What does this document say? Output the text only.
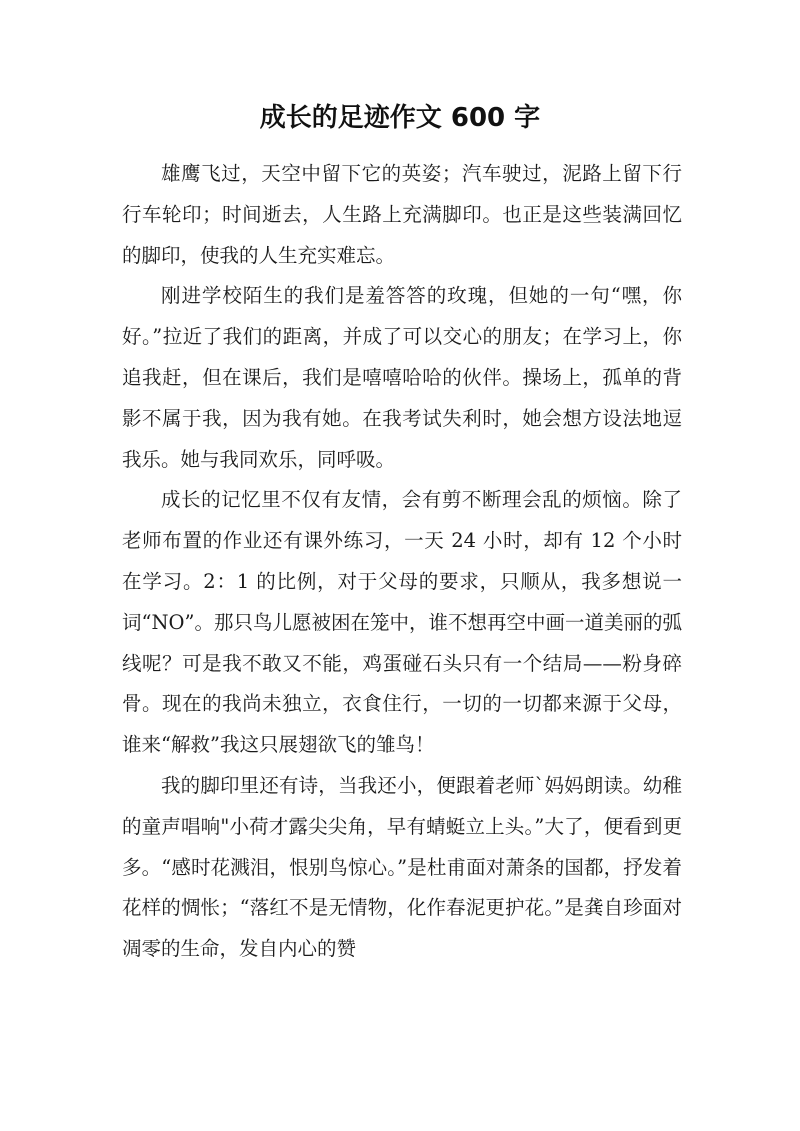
成长的足迹作文 600 字

雄鹰飞过，天空中留下它的英姿；汽车驶过，泥路上留下行行车轮印；时间逝去，人生路上充满脚印。也正是这些装满回忆的脚印，使我的人生充实难忘。

刚进学校陌生的我们是羞答答的玫瑰，但她的一句“嘿，你好。”拉近了我们的距离，并成了可以交心的朋友；在学习上，你追我赶，但在课后，我们是嘻嘻哈哈的伙伴。操场上，孤单的背影不属于我，因为我有她。在我考试失利时，她会想方设法地逗我乐。她与我同欢乐，同呼吸。

成长的记忆里不仅有友情，会有剪不断理会乱的烦恼。除了老师布置的作业还有课外练习，一天 24 小时，却有 12 个小时在学习。2：1 的比例，对于父母的要求，只顺从，我多想说一词“NO”。那只鸟儿愿被困在笼中，谁不想再空中画一道美丽的弧线呢？可是我不敢又不能，鸡蛋碰石头只有一个结局——粉身碎骨。现在的我尚未独立，衣食住行，一切的一切都来源于父母，谁来“解救”我这只展翅欲飞的雏鸟！

我的脚印里还有诗，当我还小，便跟着老师`妈妈朗读。幼稚的童声唱响"小荷才露尖尖角，早有蜻蜓立上头。”大了，便看到更多。“感时花溅泪，恨别鸟惊心。”是杜甫面对萧条的国都，抒发着花样的惆怅；“落红不是无情物，化作春泥更护花。”是龚自珍面对凋零的生命，发自内心的赞
